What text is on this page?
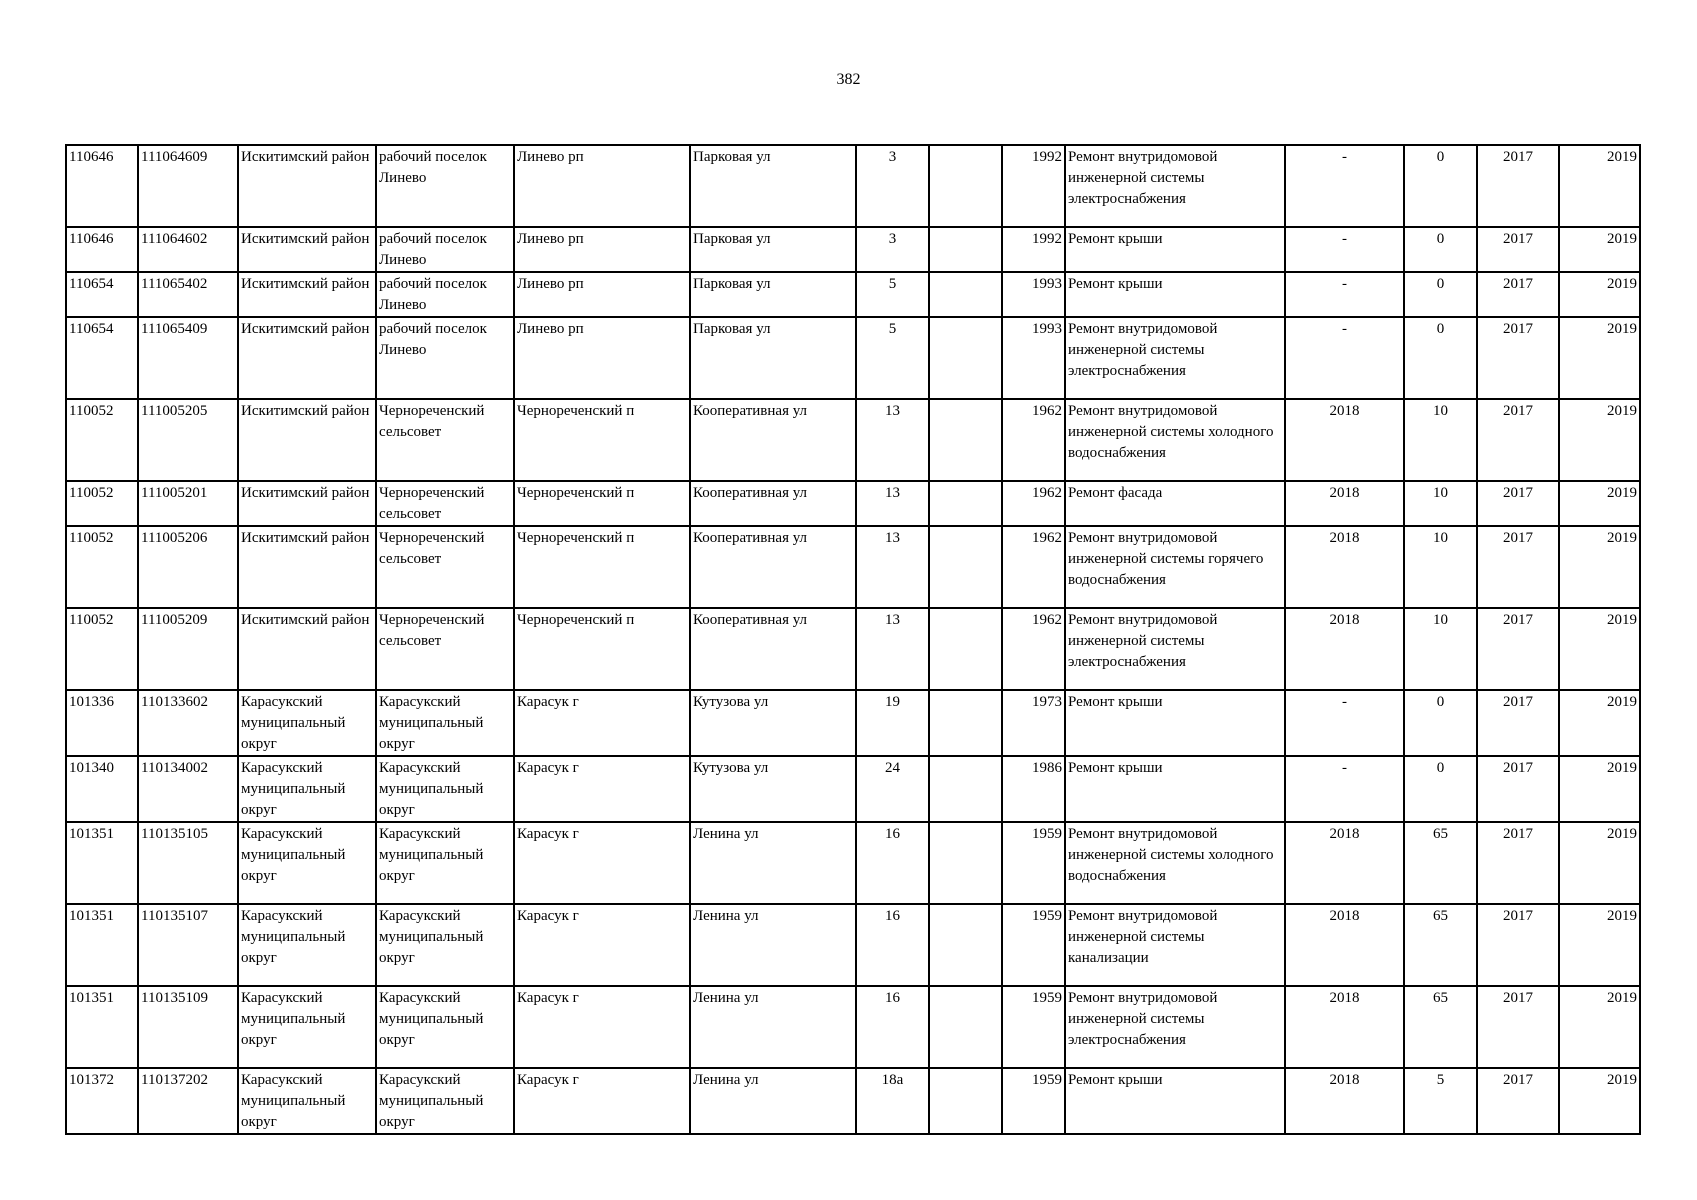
382
110646	111064609	Искитимский район	рабочий поселок Линево	Линево рп	Парковая ул	3		1992	Ремонт внутридомовой инженерной системы электроснабжения	-	0	2017	2019
110646	111064602	Искитимский район	рабочий поселок Линево	Линево рп	Парковая ул	3		1992	Ремонт крыши	-	0	2017	2019
110654	111065402	Искитимский район	рабочий поселок Линево	Линево рп	Парковая ул	5		1993	Ремонт крыши	-	0	2017	2019
110654	111065409	Искитимский район	рабочий поселок Линево	Линево рп	Парковая ул	5		1993	Ремонт внутридомовой инженерной системы электроснабжения	-	0	2017	2019
110052	111005205	Искитимский район	Чернореченский сельсовет	Чернореченский п	Кооперативная ул	13		1962	Ремонт внутридомовой инженерной системы холодного водоснабжения	2018	10	2017	2019
110052	111005201	Искитимский район	Чернореченский сельсовет	Чернореченский п	Кооперативная ул	13		1962	Ремонт фасада	2018	10	2017	2019
110052	111005206	Искитимский район	Чернореченский сельсовет	Чернореченский п	Кооперативная ул	13		1962	Ремонт внутридомовой инженерной системы горячего водоснабжения	2018	10	2017	2019
110052	111005209	Искитимский район	Чернореченский сельсовет	Чернореченский п	Кооперативная ул	13		1962	Ремонт внутридомовой инженерной системы электроснабжения	2018	10	2017	2019
101336	110133602	Карасукский муниципальный округ	Карасукский муниципальный округ	Карасук г	Кутузова ул	19		1973	Ремонт крыши	-	0	2017	2019
101340	110134002	Карасукский муниципальный округ	Карасукский муниципальный округ	Карасук г	Кутузова ул	24		1986	Ремонт крыши	-	0	2017	2019
101351	110135105	Карасукский муниципальный округ	Карасукский муниципальный округ	Карасук г	Ленина ул	16		1959	Ремонт внутридомовой инженерной системы холодного водоснабжения	2018	65	2017	2019
101351	110135107	Карасукский муниципальный округ	Карасукский муниципальный округ	Карасук г	Ленина ул	16		1959	Ремонт внутридомовой инженерной системы канализации	2018	65	2017	2019
101351	110135109	Карасукский муниципальный округ	Карасукский муниципальный округ	Карасук г	Ленина ул	16		1959	Ремонт внутридомовой инженерной системы электроснабжения	2018	65	2017	2019
101372	110137202	Карасукский муниципальный округ	Карасукский муниципальный округ	Карасук г	Ленина ул	18а		1959	Ремонт крыши	2018	5	2017	2019
